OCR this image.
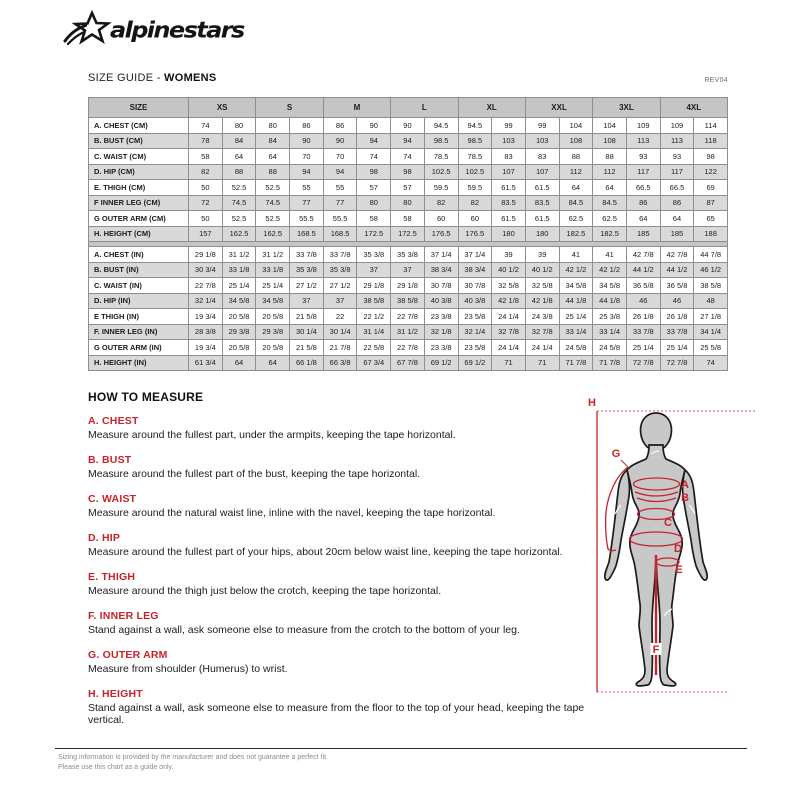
alpinestars
SIZE GUIDE - WOMENS	REV04
SIZE	XS		S		M		L		XL		XXL		3XL		4XL	
A. CHEST (CM)	74	80	80	86	86	90	90	94.5	94.5	99	99	104	104	109	109	114
B. BUST (CM)	78	84	84	90	90	94	94	98.5	98.5	103	103	108	108	113	113	118
C. WAIST (CM)	58	64	64	70	70	74	74	78.5	78.5	83	83	88	88	93	93	98
D. HIP (CM)	82	88	88	94	94	98	98	102.5	102.5	107	107	112	112	117	117	122
E. THIGH (CM)	50	52.5	52.5	55	55	57	57	59.5	59.5	61.5	61.5	64	64	66.5	66.5	69
F INNER LEG (CM)	72	74.5	74.5	77	77	80	80	82	82	83.5	83.5	84.5	84.5	86	86	87
G OUTER ARM (CM)	50	52.5	52.5	55.5	55.5	58	58	60	60	61.5	61.5	62.5	62.5	64	64	65
H. HEIGHT (CM)	157	162.5	162.5	168.5	168.5	172.5	172.5	176.5	176.5	180	180	182.5	182.5	185	185	188

A. CHEST (IN)	29 1/8	31 1/2	31 1/2	33 7/8	33 7/8	35 3/8	35 3/8	37 1/4	37 1/4	39	39	41	41	42 7/8	42 7/8	44 7/8
B. BUST (IN)	30 3/4	33 1/8	33 1/8	35 3/8	35 3/8	37	37	38 3/4	38 3/4	40 1/2	40 1/2	42 1/2	42 1/2	44 1/2	44 1/2	46 1/2
C. WAIST (IN)	22 7/8	25 1/4	25 1/4	27 1/2	27 1/2	29 1/8	29 1/8	30 7/8	30 7/8	32 5/8	32 5/8	34 5/8	34 5/8	36 5/8	36 5/8	38 5/8
D. HIP (IN)	32 1/4	34 5/8	34 5/8	37	37	38 5/8	38 5/8	40 3/8	40 3/8	42 1/8	42 1/8	44 1/8	44 1/8	46	46	48
E THIGH (IN)	19 3/4	20 5/8	20 5/8	21 5/8	22	22 1/2	22 7/8	23 3/8	23 5/8	24 1/4	24 3/8	25 1/4	25 3/8	26 1/8	26 1/8	27 1/8
F. INNER LEG (IN)	28 3/8	29 3/8	29 3/8	30 1/4	30 1/4	31 1/4	31 1/2	32 1/8	32 1/4	32 7/8	32 7/8	33 1/4	33 1/4	33 7/8	33 7/8	34 1/4
G OUTER ARM (IN)	19 3/4	20 5/8	20 5/8	21 5/8	21 7/8	22 5/8	22 7/8	23 3/8	23 5/8	24 1/4	24 1/4	24 5/8	24 5/8	25 1/4	25 1/4	25 5/8
H. HEIGHT (IN)	61 3/4	64	64	66 1/8	66 3/8	67 3/4	67 7/8	69 1/2	69 1/2	71	71	71 7/8	71 7/8	72 7/8	72 7/8	74
HOW TO MEASURE
A. CHEST
Measure around the fullest part, under the armpits, keeping the tape horizontal.
B. BUST
Measure around the fullest part of the bust, keeping the tape horizontal.
C. WAIST
Measure around the natural waist line, inline with the navel, keeping the tape horizontal.
D. HIP
Measure around the fullest part of your hips, about 20cm below waist line, keeping the tape horizontal.
E. THIGH
Measure around the thigh just below the crotch, keeping the tape horizontal.
F. INNER LEG
Stand against a wall, ask someone else to measure from the crotch to the bottom of your leg.
G. OUTER ARM
Measure from shoulder (Humerus) to wrist.
H. HEIGHT
Stand against a wall, ask someone else to measure from the floor to the top of your head, keeping the tape vertical.
H
G
A
B
C
D
E
F
Sizing information is provided by the manufacturer and does not guarantee a perfect fit.
Please use this chart as a guide only.
